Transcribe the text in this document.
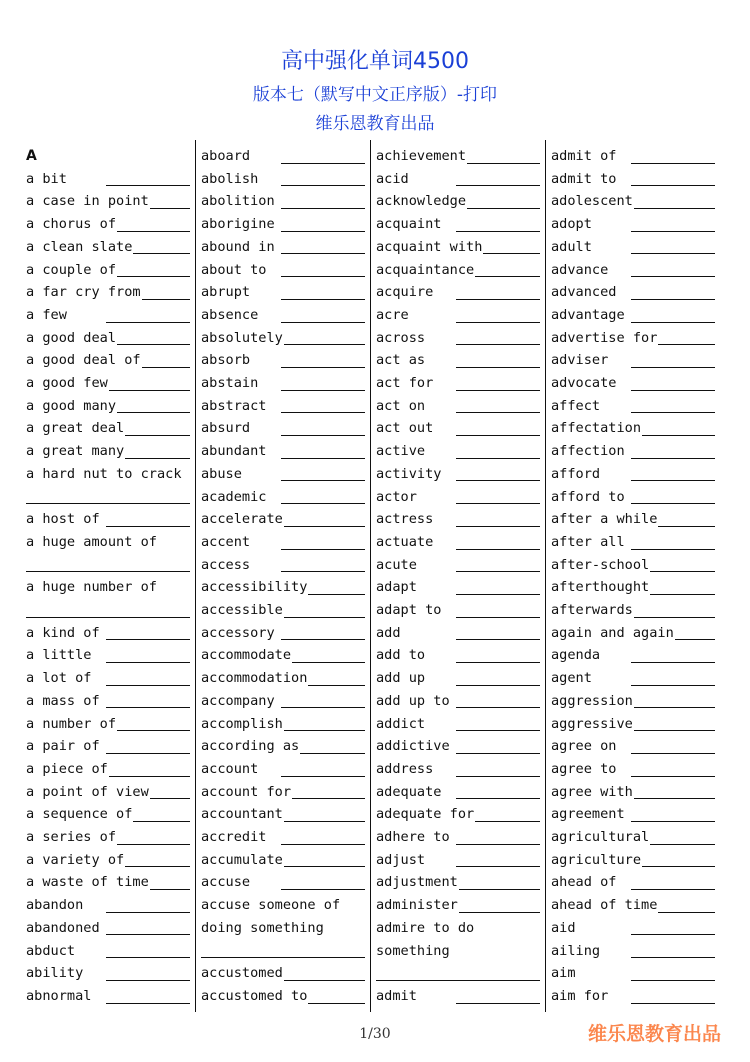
高中强化单词4500
版本七（默写中文正序版）-打印
维乐恩教育出品
A
a bit
a case in point
a chorus of
a clean slate
a couple of
a far cry from
a few
a good deal
a good deal of
a good few
a good many
a great deal
a great many
a hard nut to crack
a host of
a huge amount of
a huge number of
a kind of
a little
a lot of
a mass of
a number of
a pair of
a piece of
a point of view
a sequence of
a series of
a variety of
a waste of time
abandon
abandoned
abduct
ability
abnormal
aboard
abolish
abolition
aborigine
abound in
about to
abrupt
absence
absolutely
absorb
abstain
abstract
absurd
abundant
abuse
academic
accelerate
accent
access
accessibility
accessible
accessory
accommodate
accommodation
accompany
accomplish
according as
account
account for
accountant
accredit
accumulate
accuse
accuse someone of
doing something
accustomed
accustomed to
achievement
acid
acknowledge
acquaint
acquaint with
acquaintance
acquire
acre
across
act as
act for
act on
act out
active
activity
actor
actress
actuate
acute
adapt
adapt to
add
add to
add up
add up to
addict
addictive
address
adequate
adequate for
adhere to
adjust
adjustment
administer
admire to do
something
admit
admit of
admit to
adolescent
adopt
adult
advance
advanced
advantage
advertise for
adviser
advocate
affect
affectation
affection
afford
afford to
after a while
after all
after-school
afterthought
afterwards
again and again
agenda
agent
aggression
aggressive
agree on
agree to
agree with
agreement
agricultural
agriculture
ahead of
ahead of time
aid
ailing
aim
aim for
1/30	维乐恩教育出品
